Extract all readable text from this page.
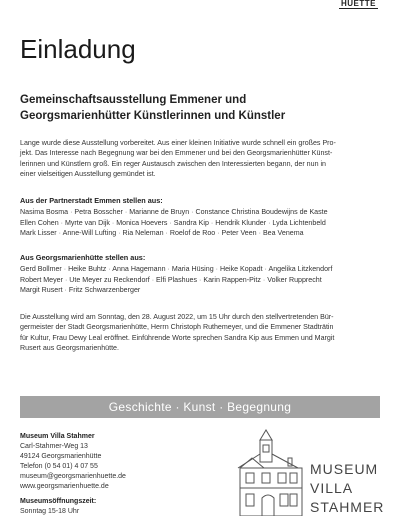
HUETTE
Einladung
Gemeinschaftsausstellung Emmener und
Georgsmarienhütter Künstlerinnen und Künstler
Lange wurde diese Ausstellung vorbereitet. Aus einer kleinen Initiative wurde schnell ein großes Pro-
jekt. Das Interesse nach Begegnung war bei den Emmener und bei den Georgsmarienhütter Künst-
lerinnen und Künstlern groß. Ein reger Austausch zwischen den Interessierten begann, der nun in
einer vielseitigen Ausstellung gemündet ist.
Aus der Partnerstadt Emmen stellen aus:
Nasima Bosma · Petra Bosscher · Marianne de Bruyn · Constance Christina Boudewijns de Kaste
Ellen Cohen · Myrte van Dijk · Monica Hoevers · Sandra Kip · Hendrik Klunder · Lyda Lichtenbeld
Mark Lisser · Anne-Will Lufting · Ria Neleman · Roelof de Roo · Peter Veen · Bea Venema
Aus Georgsmarienhütte stellen aus:
Gerd Bollmer · Heike Buhtz · Anna Hagemann · Maria Hüsing · Heike Kopadt · Angelika Litzkendorf
Robert Meyer · Ute Meyer zu Reckendorf · Elfi Plashues · Karin Rappen-Pitz · Volker Rupprecht
Margit Rusert · Fritz Schwarzenberger
Die Ausstellung wird am Sonntag, den 28. August 2022, um 15 Uhr durch den stellvertretenden Bür-
germeister der Stadt Georgsmarienhütte, Herrn Christoph Ruthemeyer, und die Emmener Stadträtin
für Kultur, Frau Dewy Leal eröffnet. Einführende Worte sprechen Sandra Kip aus Emmen und Margit
Rusert aus Georgsmarienhütte.
Geschichte · Kunst · Begegnung
Museum Villa Stahmer
Carl-Stahmer-Weg 13
49124 Georgsmarienhütte
Telefon (0 54 01) 4 07 55
museum@georgsmarienhuette.de
www.georgsmarienhuette.de
Museumsöffnungszeit:
Sonntag 15-18 Uhr
MUSEUM
VILLA
STAHMER
